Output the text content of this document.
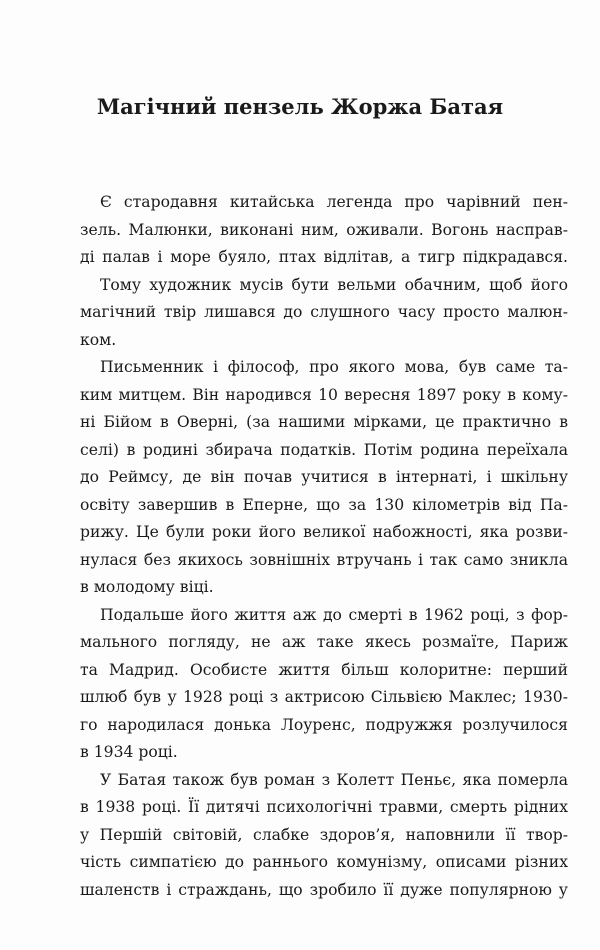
Магічний пензель Жоржа Батая
Є стародавня китайська легенда про чарівний пен-
зель. Малюнки, виконані ним, оживали. Вогонь насправ-
ді палав і море буяло, птах відлітав, а тигр підкрадався.
Тому художник мусів бути вельми обачним, щоб його
магічний твір лишався до слушного часу просто малюн-
ком.
Письменник і філософ, про якого мова, був саме та-
ким митцем. Він народився 10 вересня 1897 року в кому-
ні Бійом в Оверні, (за нашими мірками, це практично в
селі) в родині збирача податків. Потім родина переїхала
до Реймсу, де він почав учитися в інтернаті, і шкільну
освіту завершив в Еперне, що за 130 кілометрів від Па-
рижу. Це були роки його великої набожності, яка розви-
нулася без якихось зовнішніх втручань і так само зникла
в молодому віці.
Подальше його життя аж до смерті в 1962 році, з фор-
мального погляду, не аж таке якесь розмаїте, Париж
та Мадрид. Особисте життя більш колоритне: перший
шлюб був у 1928 році з актрисою Сільвією Маклес; 1930-
го народилася донька Лоуренс, подружжя розлучилося
в 1934 році.
У Батая також був роман з Колетт Пеньє, яка померла
в 1938 році. Її дитячі психологічні травми, смерть рідних
у Першій світовій, слабке здоров’я, наповнили її твор-
чість симпатією до раннього комунізму, описами різних
шаленств і страждань, що зробило її дуже популярною у
